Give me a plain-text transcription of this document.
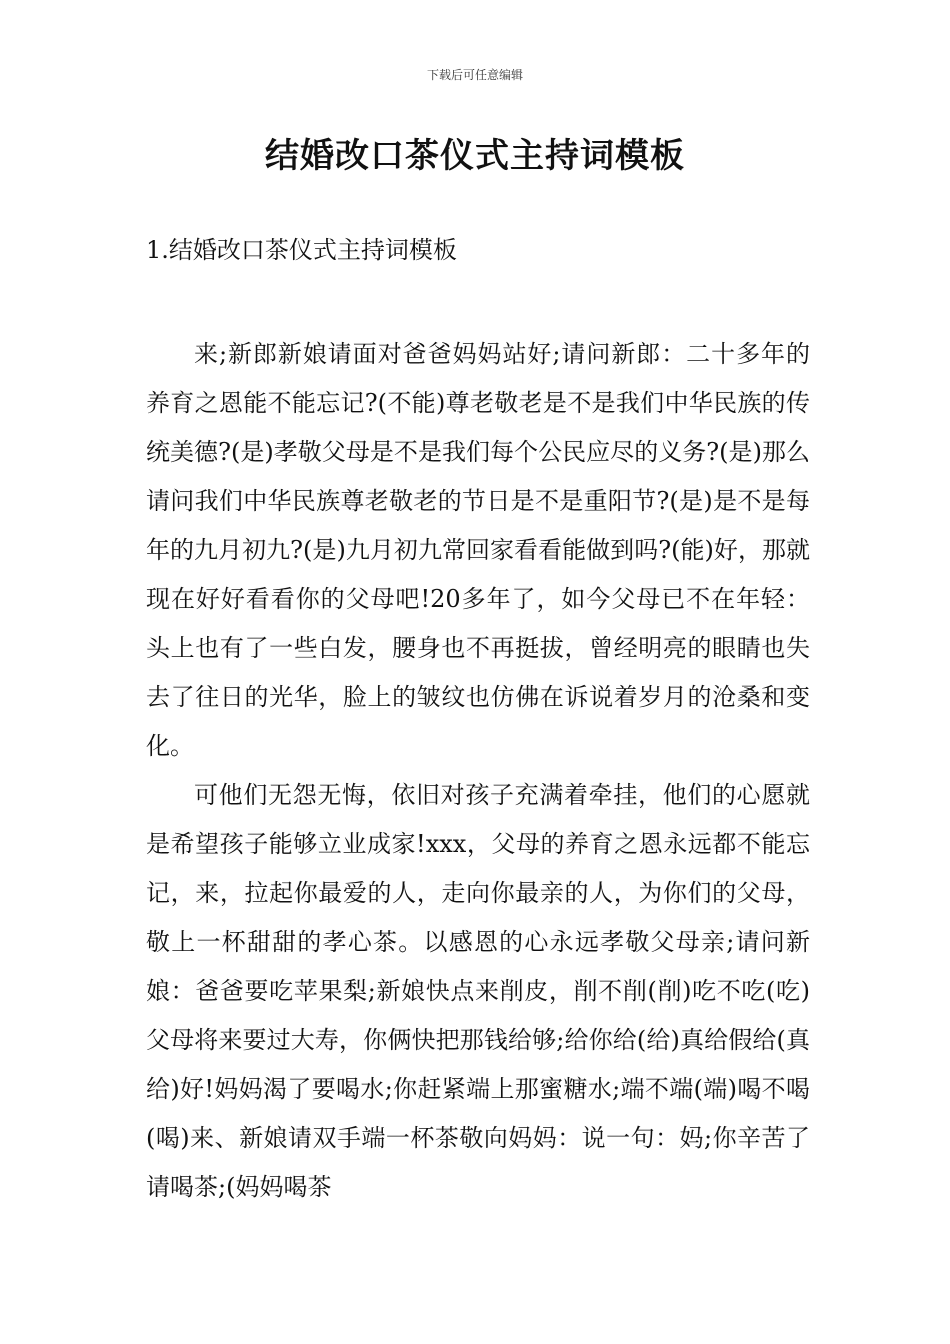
下载后可任意编辑
结婚改口茶仪式主持词模板
1.结婚改口茶仪式主持词模板

来;新郎新娘请面对爸爸妈妈站好;请问新郎：二十多年的养育之恩能不能忘记?(不能)尊老敬老是不是我们中华民族的传统美德?(是)孝敬父母是不是我们每个公民应尽的义务?(是)那么请问我们中华民族尊老敬老的节日是不是重阳节?(是)是不是每年的九月初九?(是)九月初九常回家看看能做到吗?(能)好，那就现在好好看看你的父母吧!20多年了，如今父母已不在年轻：头上也有了一些白发，腰身也不再挺拔，曾经明亮的眼睛也失去了往日的光华，脸上的皱纹也仿佛在诉说着岁月的沧桑和变化。

可他们无怨无悔，依旧对孩子充满着牵挂，他们的心愿就是希望孩子能够立业成家!xxx，父母的养育之恩永远都不能忘记，来，拉起你最爱的人，走向你最亲的人，为你们的父母，敬上一杯甜甜的孝心茶。以感恩的心永远孝敬父母亲;请问新娘：爸爸要吃苹果梨;新娘快点来削皮，削不削(削)吃不吃(吃)父母将来要过大寿，你俩快把那钱给够;给你给(给)真给假给(真给)好!妈妈渴了要喝水;你赶紧端上那蜜糖水;端不端(端)喝不喝(喝)来、新娘请双手端一杯茶敬向妈妈：说一句：妈;你辛苦了请喝茶;(妈妈喝茶
